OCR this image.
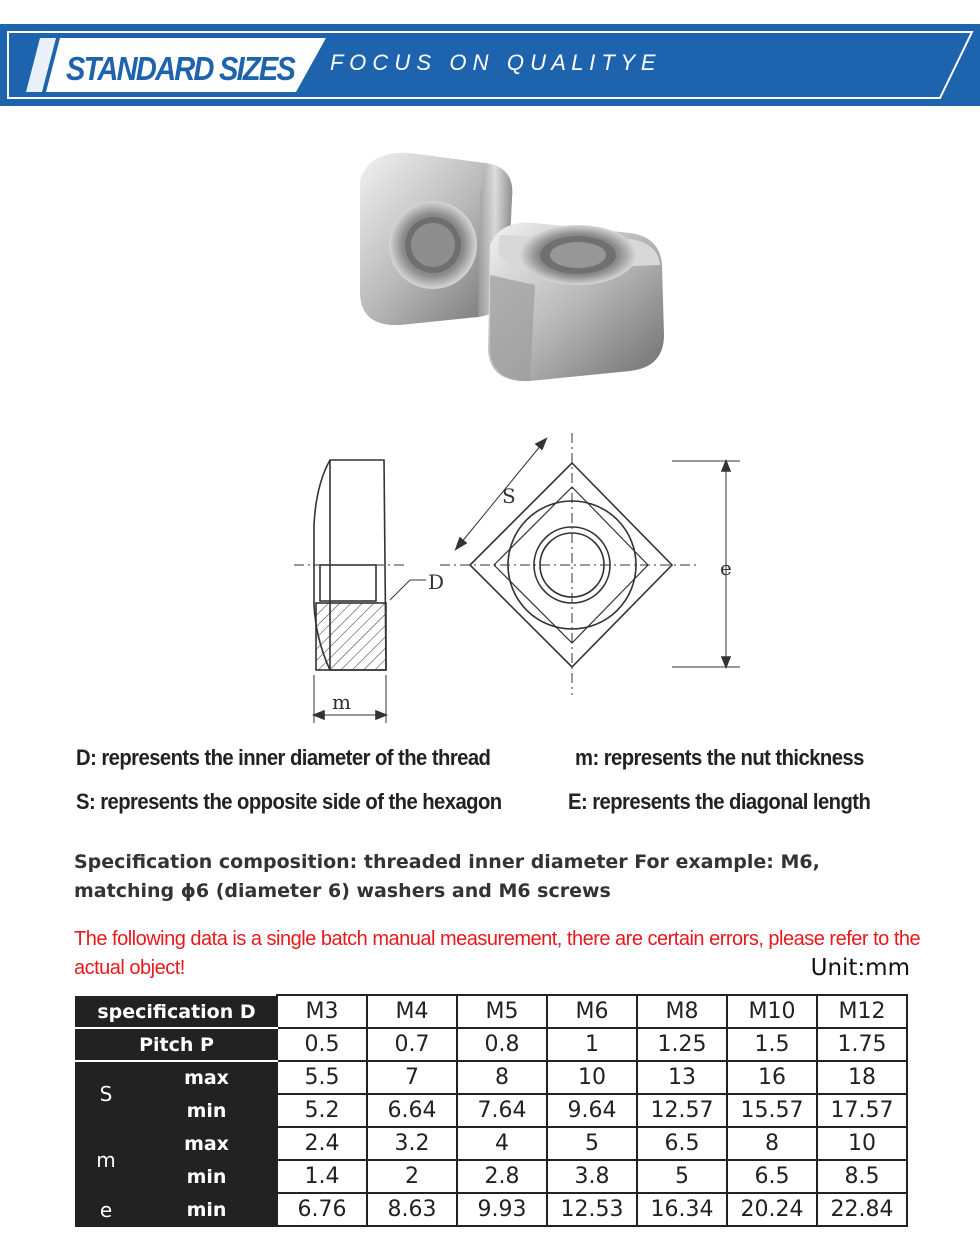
STANDARD SIZES F O C U S   O N   Q U A L I T Y E
D
m
S
e
D: represents the inner diameter of the thread	m: represents the nut thickness
S: represents the opposite side of the hexagon	E: represents the diagonal length
Specification composition: threaded inner diameter For example: M6, matching ϕ6 (diameter 6) washers and M6 screws
The following data is a single batch manual measurement, there are certain errors, please refer to the actual object!	Unit:mm
specification D		M3	M4	M5	M6	M8	M10	M12
Pitch P		0.5	0.7	0.8	1	1.25	1.5	1.75
S	max	5.5	7	8	10	13	16	18
	min	5.2	6.64	7.64	9.64	12.57	15.57	17.57
m	max	2.4	3.2	4	5	6.5	8	10
	min	1.4	2	2.8	3.8	5	6.5	8.5
e	min	6.76	8.63	9.93	12.53	16.34	20.24	22.84
